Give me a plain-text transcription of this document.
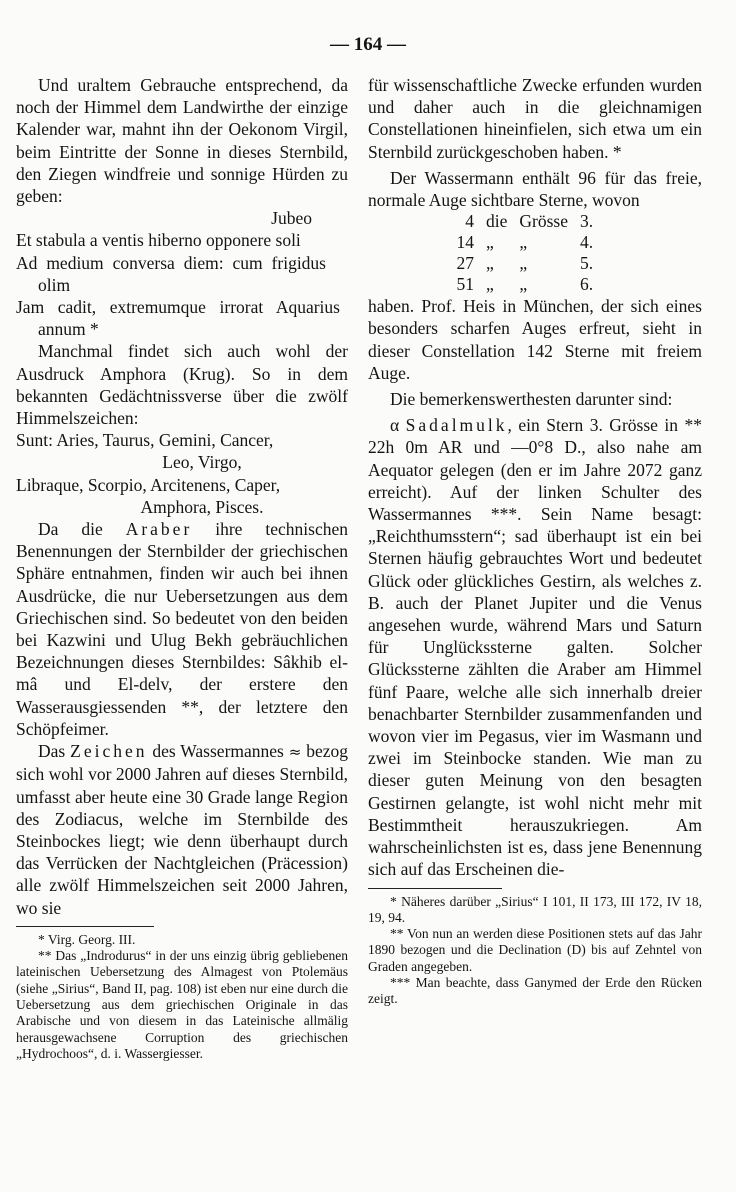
— 164 —

Und uraltem Gebrauche entsprechend, da noch der Himmel dem Landwirthe der einzige Kalender war, mahnt ihn der Oekonom Virgil, beim Eintritte der Sonne in dieses Sternbild, den Ziegen windfreie und sonnige Hürden zu geben:

Jubeo

Et stabula a ventis hiberno opponere soli

Ad medium conversa diem: cum frigidus olim

Jam cadit, extremumque irrorat Aquarius annum *

Manchmal findet sich auch wohl der Ausdruck Amphora (Krug). So in dem bekannten Gedächtnissverse über die zwölf Himmelszeichen:

Sunt: Aries, Taurus, Gemini, Cancer,

Leo, Virgo,

Libraque, Scorpio, Arcitenens, Caper,

Amphora, Pisces.

Da die Araber ihre technischen Benennungen der Sternbilder der griechischen Sphäre entnahmen, finden wir auch bei ihnen Ausdrücke, die nur Uebersetzungen aus dem Griechischen sind. So bedeutet von den beiden bei Kazwini und Ulug Bekh gebräuchlichen Bezeichnungen dieses Sternbildes: Sâkhib el-mâ und El-delv, der erstere den Wasserausgiessenden **, der letztere den Schöpfeimer.

Das Zeichen des Wassermannes ≈ bezog sich wohl vor 2000 Jahren auf dieses Sternbild, umfasst aber heute eine 30 Grade lange Region des Zodiacus, welche im Sternbilde des Steinbockes liegt; wie denn überhaupt durch das Verrücken der Nachtgleichen (Präcession) alle zwölf Himmelszeichen seit 2000 Jahren, wo sie

* Virg. Georg. III.

** Das „Indrodurus“ in der uns einzig übrig gebliebenen lateinischen Uebersetzung des Almagest von Ptolemäus (siehe „Sirius“, Band II, pag. 108) ist eben nur eine durch die Uebersetzung aus dem griechischen Originale in das Arabische und von diesem in das Lateinische allmälig herausgewachsene Corruption des griechischen „Hydrochoos“, d. i. Wassergiesser.

für wissenschaftliche Zwecke erfunden wurden und daher auch in die gleichnamigen Constellationen hineinfielen, sich etwa um ein Sternbild zurückgeschoben haben. *

Der Wassermann enthält 96 für das freie, normale Auge sichtbare Sterne, wovon

4	die	Grösse	3.
14	„	„	4.
27	„	„	5.
51	„	„	6.

haben. Prof. Heis in München, der sich eines besonders scharfen Auges erfreut, sieht in dieser Constellation 142 Sterne mit freiem Auge.

Die bemerkenswerthesten darunter sind:

α Sadalmulk, ein Stern 3. Grösse in ** 22h 0m AR und —0°8 D., also nahe am Aequator gelegen (den er im Jahre 2072 ganz erreicht). Auf der linken Schulter des Wassermannes ***. Sein Name besagt: „Reichthumsstern“; sad überhaupt ist ein bei Sternen häufig gebrauchtes Wort und bedeutet Glück oder glückliches Gestirn, als welches z. B. auch der Planet Jupiter und die Venus angesehen wurde, während Mars und Saturn für Unglückssterne galten. Solcher Glückssterne zählten die Araber am Himmel fünf Paare, welche alle sich innerhalb dreier benachbarter Sternbilder zusammenfanden und wovon vier im Pegasus, vier im Wasmann und zwei im Steinbocke standen. Wie man zu dieser guten Meinung von den besagten Gestirnen gelangte, ist wohl nicht mehr mit Bestimmtheit herauszukriegen. Am wahrscheinlichsten ist es, dass jene Benennung sich auf das Erscheinen die-

* Näheres darüber „Sirius“ I 101, II 173, III 172, IV 18, 19, 94.

** Von nun an werden diese Positionen stets auf das Jahr 1890 bezogen und die Declination (D) bis auf Zehntel von Graden angegeben.

*** Man beachte, dass Ganymed der Erde den Rücken zeigt.
